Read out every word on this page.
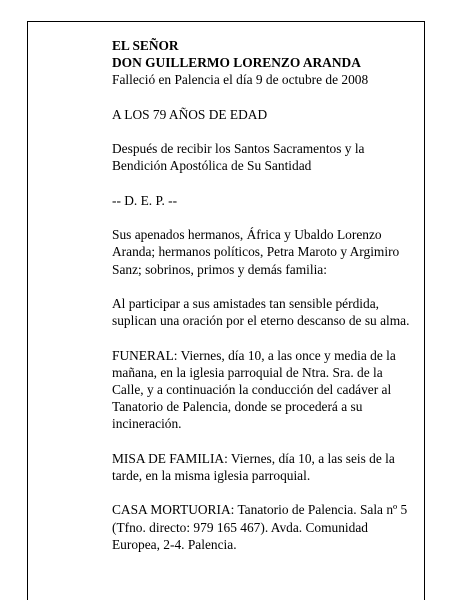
EL SEÑOR
DON GUILLERMO LORENZO ARANDA
Falleció en Palencia el día 9 de octubre de 2008

A LOS 79 AÑOS DE EDAD

Después de recibir los Santos Sacramentos y la
Bendición Apostólica de Su Santidad

-- D. E. P. --

Sus apenados hermanos, África y Ubaldo Lorenzo
Aranda; hermanos políticos, Petra Maroto y Argimiro
Sanz; sobrinos, primos y demás familia:

Al participar a sus amistades tan sensible pérdida,
suplican una oración por el eterno descanso de su alma.

FUNERAL: Viernes, día 10, a las once y media de la
mañana, en la iglesia parroquial de Ntra. Sra. de la
Calle, y a continuación la conducción del cadáver al
Tanatorio de Palencia, donde se procederá a su
incineración.

MISA DE FAMILIA: Viernes, día 10, a las seis de la
tarde, en la misma iglesia parroquial.

CASA MORTUORIA: Tanatorio de Palencia. Sala nº 5
(Tfno. directo: 979 165 467). Avda. Comunidad
Europea, 2-4. Palencia.
